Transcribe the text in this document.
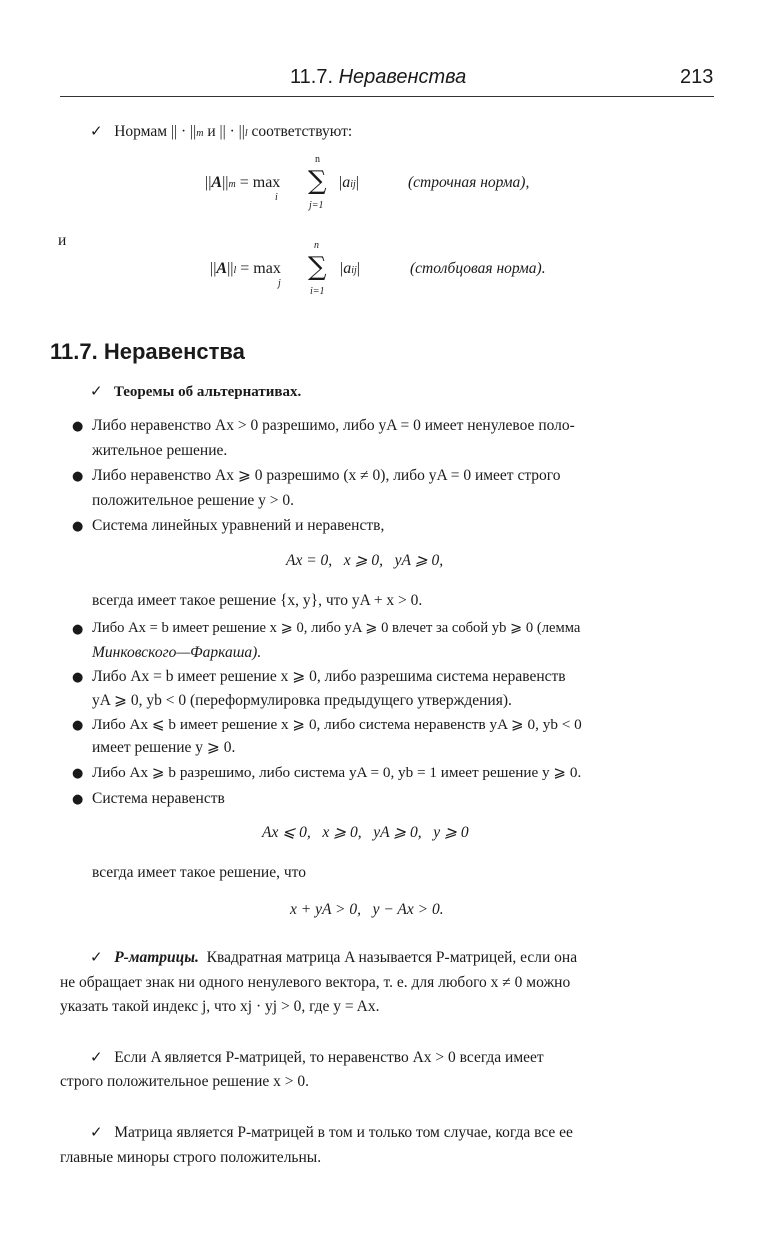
11.7. Неравенства	213
✓ Нормам || · ||m и || · ||l соответствуют:
n
||A||m = max
i
∑
j=1
|aij|	(строчная норма),
и	n
||A||l = max
j
∑
i=1
|aij|	(столбцовая норма).
11.7. Неравенства
✓ Теоремы об альтернативах.
● Либо неравенство Ax > 0 разрешимо, либо yA = 0 имеет ненулевое поло-
жительное решение.
● Либо неравенство Ax ⩾ 0 разрешимо (x ≠ 0), либо yA = 0 имеет строго
положительное решение y > 0.
● Система линейных уравнений и неравенств,
Ax = 0,   x ⩾ 0,   yA ⩾ 0,
всегда имеет такое решение {x, y}, что yA + x > 0.
● Либо Ax = b имеет решение x ⩾ 0, либо yA ⩾ 0 влечет за собой yb ⩾ 0 (лемма
Минковского—Фаркаша).
● Либо Ax = b имеет решение x ⩾ 0, либо разрешима система неравенств
yA ⩾ 0, yb < 0 (переформулировка предыдущего утверждения).
● Либо Ax ⩽ b имеет решение x ⩾ 0, либо система неравенств yA ⩾ 0, yb < 0
имеет решение y ⩾ 0.
● Либо Ax ⩾ b разрешимо, либо система yA = 0, yb = 1 имеет решение y ⩾ 0.
● Система неравенств
Ax ⩽ 0,   x ⩾ 0,   yA ⩾ 0,   y ⩾ 0
всегда имеет такое решение, что
x + yA > 0,   y − Ax > 0.
✓ P-матрицы. Квадратная матрица A называется P-матрицей, если она
не обращает знак ни одного ненулевого вектора, т. е. для любого x ≠ 0 можно
указать такой индекс j, что xj · yj > 0, где y = Ax.
✓ Если A является P-матрицей, то неравенство Ax > 0 всегда имеет
строго положительное решение x > 0.
✓ Матрица является P-матрицей в том и только том случае, когда все ее
главные миноры строго положительны.
